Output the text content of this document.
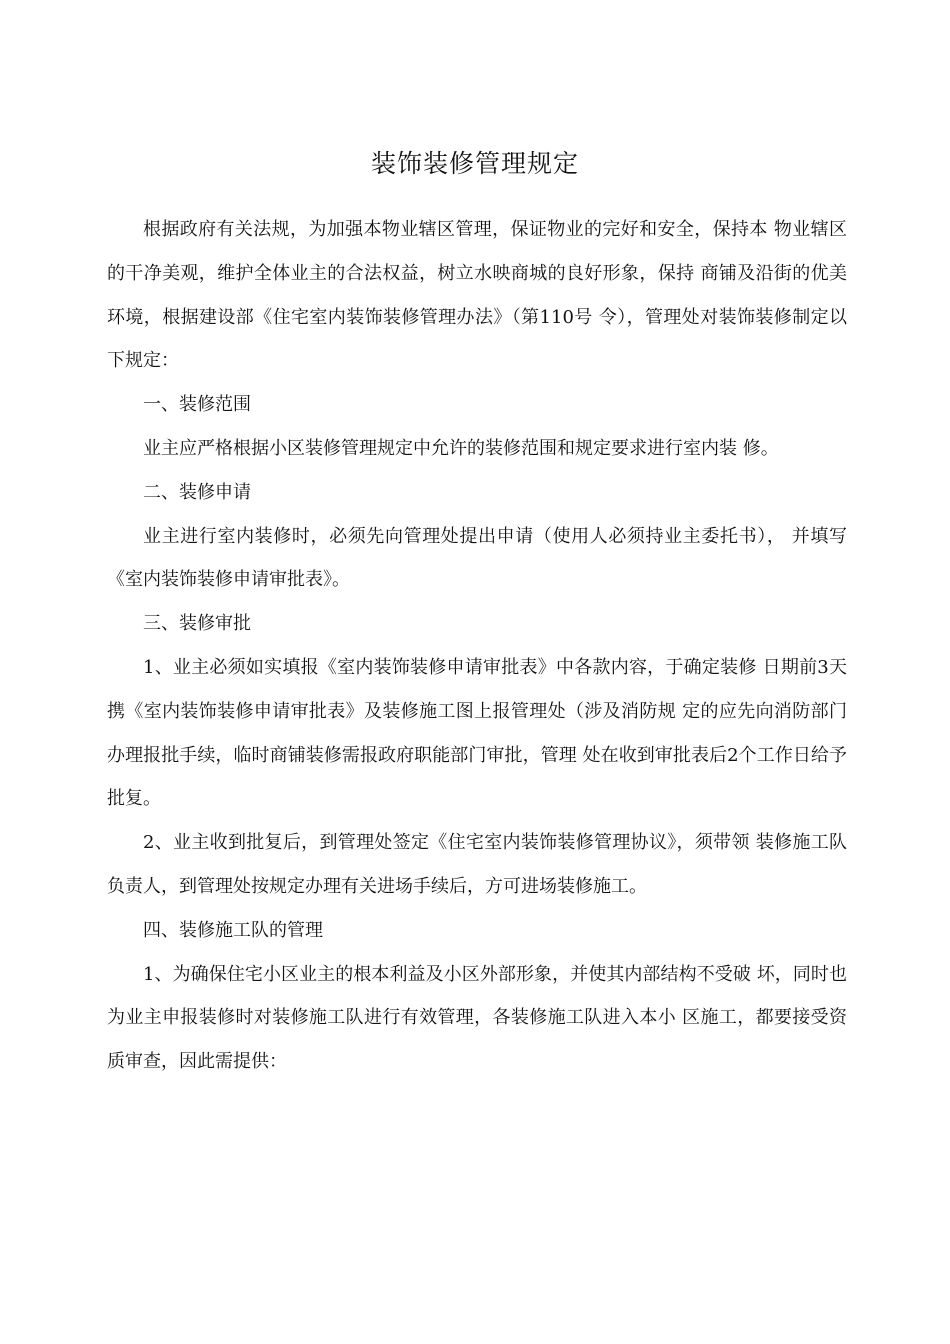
装饰装修管理规定

根据政府有关法规，为加强本物业辖区管理，保证物业的完好和安全，保持本 物业辖区的干净美观，维护全体业主的合法权益，树立水映商城的良好形象，保持 商铺及沿街的优美环境，根据建设部《住宅室内装饰装修管理办法》（第110号 令），管理处对装饰装修制定以下规定：

一、装修范围

业主应严格根据小区装修管理规定中允许的装修范围和规定要求进行室内装 修。

二、装修申请

业主进行室内装修时，必须先向管理处提出申请（使用人必须持业主委托书）， 并填写《室内装饰装修申请审批表》。

三、装修审批

1、业主必须如实填报《室内装饰装修申请审批表》中各款内容，于确定装修 日期前3天携《室内装饰装修申请审批表》及装修施工图上报管理处（涉及消防规 定的应先向消防部门办理报批手续，临时商铺装修需报政府职能部门审批，管理 处在收到审批表后2个工作日给予批复。

2、业主收到批复后，到管理处签定《住宅室内装饰装修管理协议》，须带领 装修施工队负责人，到管理处按规定办理有关进场手续后，方可进场装修施工。

四、装修施工队的管理

1、为确保住宅小区业主的根本利益及小区外部形象，并使其内部结构不受破 坏，同时也为业主申报装修时对装修施工队进行有效管理，各装修施工队进入本小 区施工，都要接受资质审查，因此需提供：
